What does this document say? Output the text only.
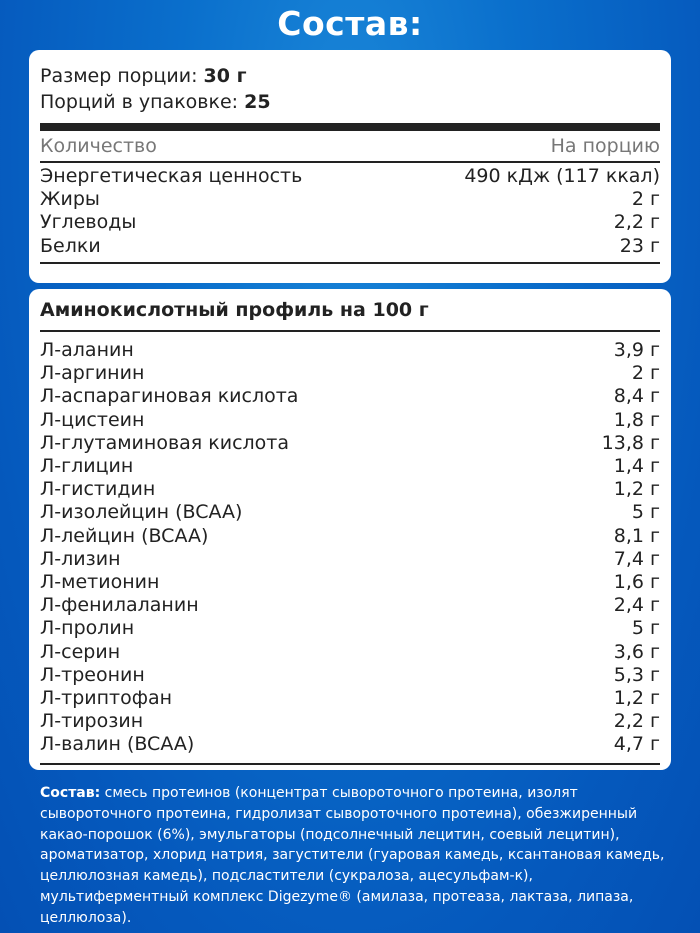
Состав:
Размер порции: 30 г
Порций в упаковке: 25
Количество	На порцию
Энергетическая ценность	490 кДж (117 ккал)
Жиры	2 г
Углеводы	2,2 г
Белки	23 г
Аминокислотный профиль на 100 г
Л-аланин	3,9 г
Л-аргинин	2 г
Л-аспарагиновая кислота	8,4 г
Л-цистеин	1,8 г
Л-глутаминовая кислота	13,8 г
Л-глицин	1,4 г
Л-гистидин	1,2 г
Л-изолейцин (BCAA)	5 г
Л-лейцин (BCAA)	8,1 г
Л-лизин	7,4 г
Л-метионин	1,6 г
Л-фенилаланин	2,4 г
Л-пролин	5 г
Л-серин	3,6 г
Л-треонин	5,3 г
Л-триптофан	1,2 г
Л-тирозин	2,2 г
Л-валин (BCAA)	4,7 г
Состав: смесь протеинов (концентрат сывороточного протеина, изолят сывороточного протеина, гидролизат сывороточного протеина), обезжиренный какао-порошок (6%), эмульгаторы (подсолнечный лецитин, соевый лецитин), ароматизатор, хлорид натрия, загустители (гуаровая камедь, ксантановая камедь, целлюлозная камедь), подсластители (сукралоза, ацесульфам-к), мультиферментный комплекс Digezyme® (амилаза, протеаза, лактаза, липаза, целлюлоза).
